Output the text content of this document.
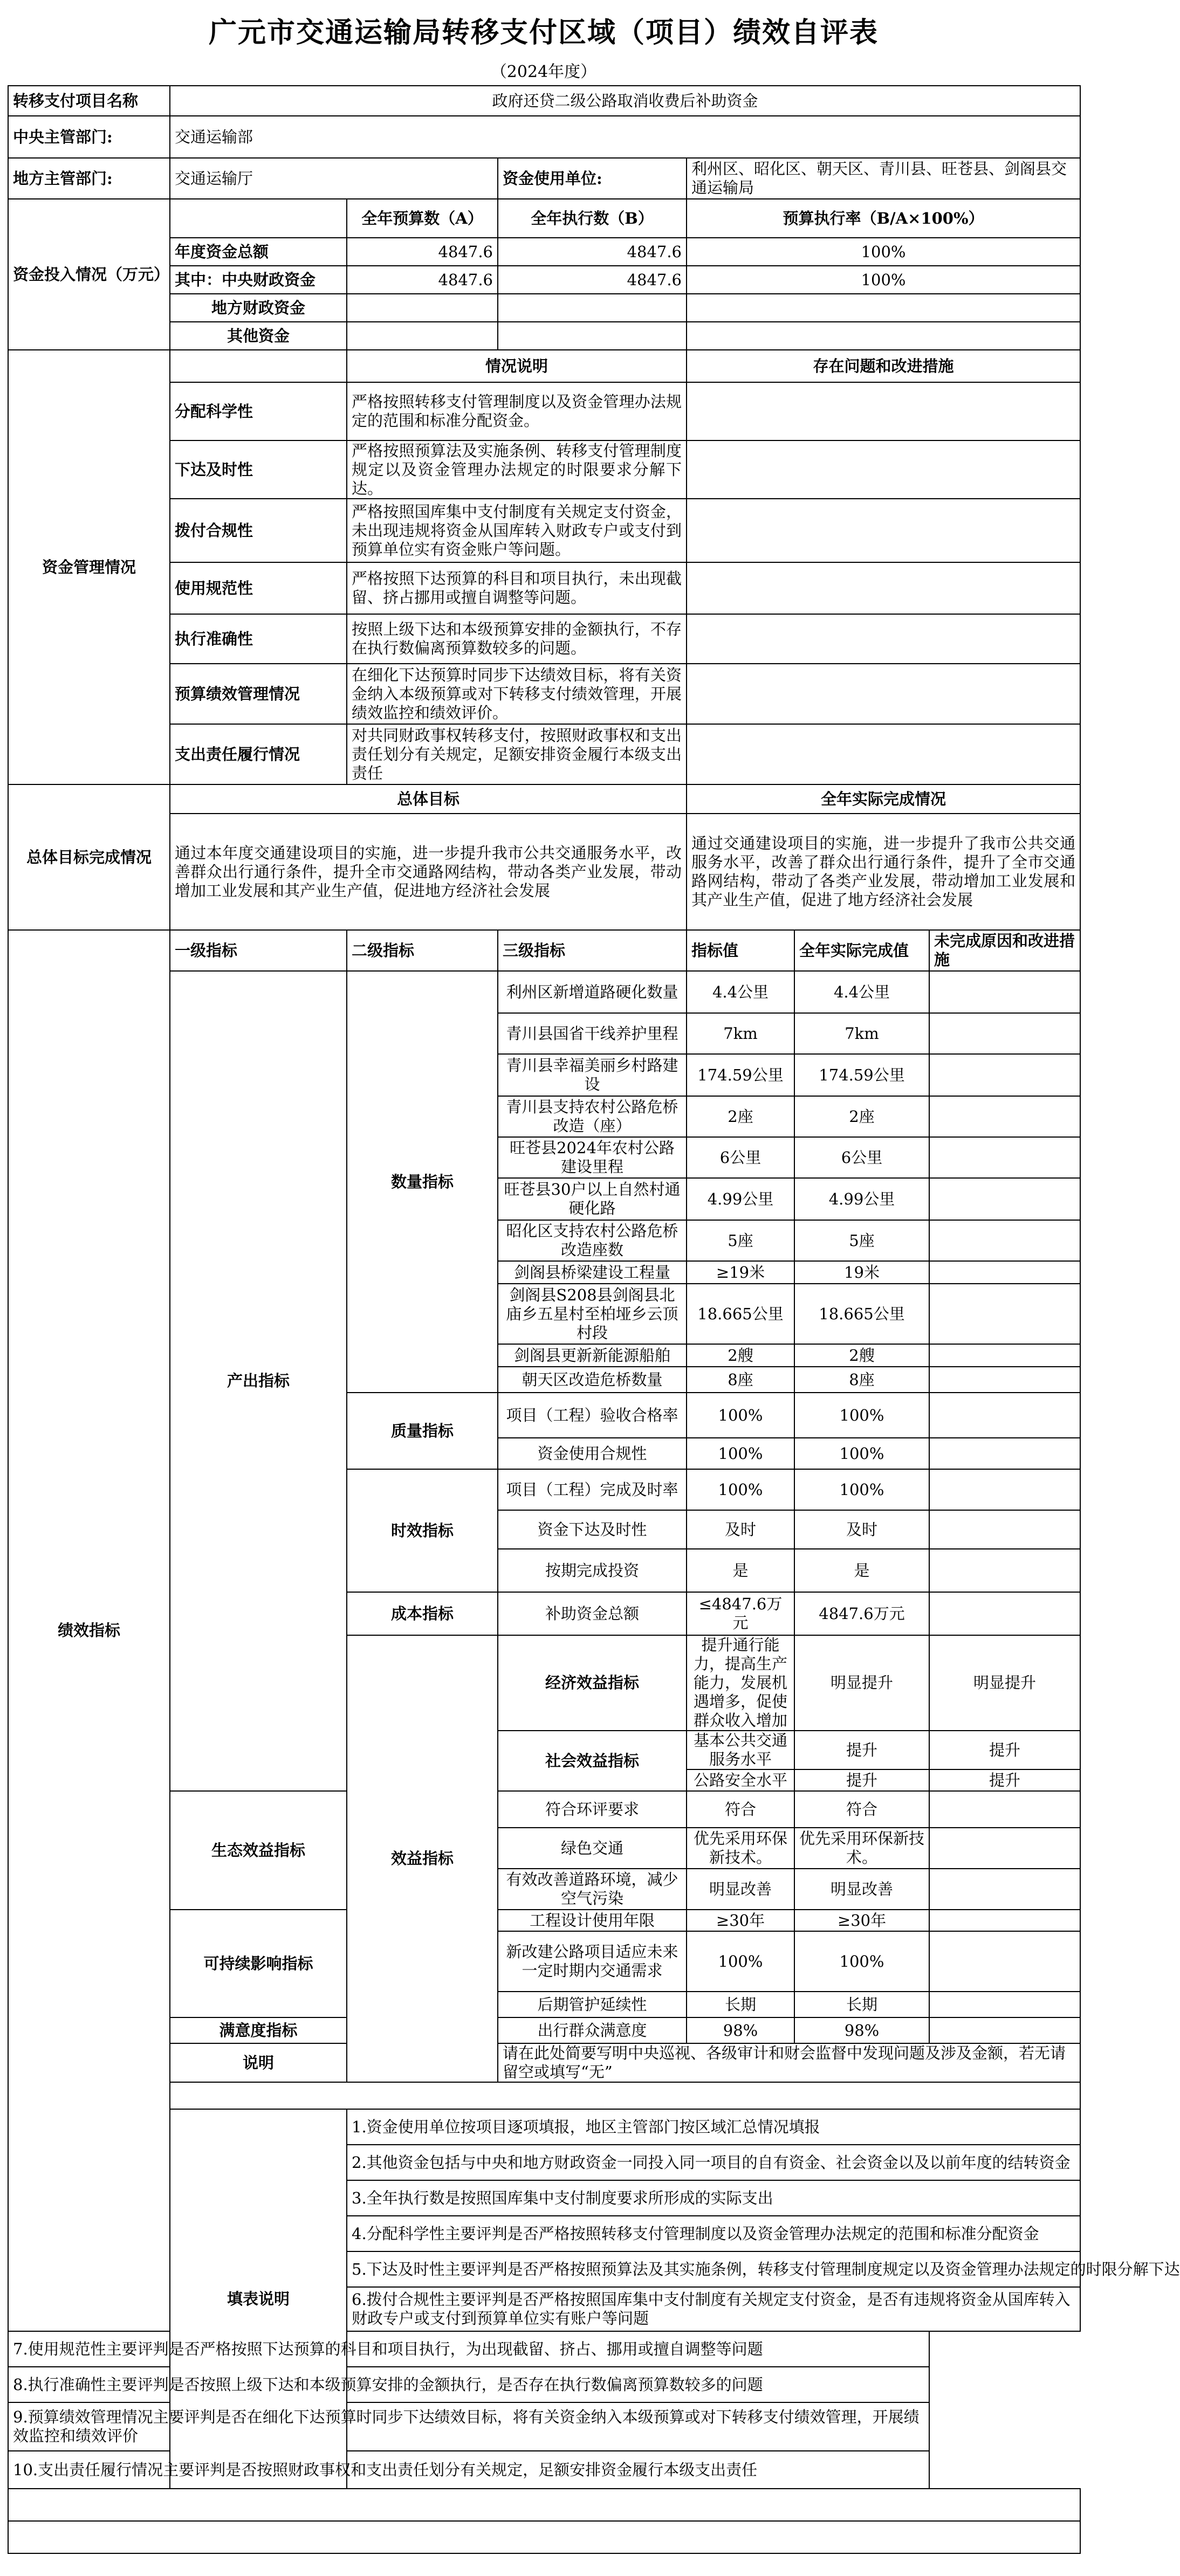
广元市交通运输局转移支付区域（项目）绩效自评表
（2024年度）
转移支付项目名称	政府还贷二级公路取消收费后补助资金						
中央主管部门:	交通运输部						
地方主管部门:	交通运输厅		资金使用单位:	利州区、昭化区、朝天区、青川县、旺苍县、剑阁县交通运输局			
资金投入情况（万元）		全年预算数（A）	全年执行数（B）	预算执行率（B/A×100%）			
	年度资金总额	4847.6	4847.6	100%			
	其中：中央财政资金	4847.6	4847.6	100%			
	地方财政资金						
	其他资金						
资金管理情况		情况说明		存在问题和改进措施			
	分配科学性	严格按照转移支付管理制度以及资金管理办法规定的范围和标准分配资金。					
	下达及时性	严格按照预算法及实施条例、转移支付管理制度规定以及资金管理办法规定的时限要求分解下达。					
	拨付合规性	严格按照国库集中支付制度有关规定支付资金，未出现违规将资金从国库转入财政专户或支付到预算单位实有资金账户等问题。					
	使用规范性	严格按照下达预算的科目和项目执行，未出现截留、挤占挪用或擅自调整等问题。					
	执行准确性	按照上级下达和本级预算安排的金额执行，不存在执行数偏离预算数较多的问题。					
	预算绩效管理情况	在细化下达预算时同步下达绩效目标，将有关资金纳入本级预算或对下转移支付绩效管理，开展绩效监控和绩效评价。					
	支出责任履行情况	对共同财政事权转移支付，按照财政事权和支出责任划分有关规定，足额安排资金履行本级支出责任					
总体目标完成情况	总体目标			全年实际完成情况			
	通过本年度交通建设项目的实施，进一步提升我市公共交通服务水平，改善群众出行通行条件，提升全市交通路网结构，带动各类产业发展，带动增加工业发展和其产业生产值，促进地方经济社会发展			通过交通建设项目的实施，进一步提升了我市公共交通服务水平，改善了群众出行通行条件，提升了全市交通路网结构，带动了各类产业发展，带动增加工业发展和其产业生产值，促进了地方经济社会发展			
绩效指标	一级指标	二级指标	三级指标	指标值	全年实际完成值	未完成原因和改进措施	
	产出指标	数量指标	利州区新增道路硬化数量	4.4公里	4.4公里		
			青川县国省干线养护里程	7km	7km		
			青川县幸福美丽乡村路建设	174.59公里	174.59公里		
			青川县支持农村公路危桥改造（座）	2座	2座		
			旺苍县2024年农村公路建设里程	6公里	6公里		
			旺苍县30户以上自然村通硬化路	4.99公里	4.99公里		
			昭化区支持农村公路危桥改造座数	5座	5座		
			剑阁县桥梁建设工程量	≥19米	19米		
			剑阁县S208县剑阁县北庙乡五星村至柏垭乡云顶村段	18.665公里	18.665公里		
			剑阁县更新新能源船舶	2艘	2艘		
			朝天区改造危桥数量	8座	8座		
		质量指标	项目（工程）验收合格率	100%	100%		
			资金使用合规性	100%	100%		
		时效指标	项目（工程）完成及时率	100%	100%		
			资金下达及时性	及时	及时		
			按期完成投资	是	是		
		成本指标	补助资金总额	≤4847.6万元	4847.6万元		
		效益指标	经济效益指标	提升通行能力，提高生产能力，发展机遇增多，促使群众收入增加	明显提升	明显提升	
			社会效益指标	基本公共交通服务水平	提升	提升	
				公路安全水平	提升	提升	
	生态效益指标		符合环评要求	符合	符合		
			绿色交通	优先采用环保新技术。	优先采用环保新技术。		
			有效改善道路环境，减少空气污染	明显改善	明显改善		
	可持续影响指标		工程设计使用年限	≥30年	≥30年		
			新改建公路项目适应未来一定时期内交通需求	100%	100%		
			后期管护延续性	长期	长期		
	满意度指标		出行群众满意度	98%	98%		
	说明		请在此处简要写明中央巡视、各级审计和财会监督中发现问题及涉及金额，若无请留空或填写“无”				

	填表说明	1.资金使用单位按项目逐项填报，地区主管部门按区域汇总情况填报					
		2.其他资金包括与中央和地方财政资金一同投入同一项目的自有资金、社会资金以及以前年度的结转资金					
		3.全年执行数是按照国库集中支付制度要求所形成的实际支出					
		4.分配科学性主要评判是否严格按照转移支付管理制度以及资金管理办法规定的范围和标准分配资金					
		5.下达及时性主要评判是否严格按照预算法及其实施条例，转移支付管理制度规定以及资金管理办法规定的时限分解下达					
		6.拨付合规性主要评判是否严格按照国库集中支付制度有关规定支付资金，是否有违规将资金从国库转入财政专户或支付到预算单位实有账户等问题					
7.使用规范性主要评判是否严格按照下达预算的科目和项目执行，为出现截留、挤占、挪用或擅自调整等问题							
8.执行准确性主要评判是否按照上级下达和本级预算安排的金额执行，是否存在执行数偏离预算数较多的问题							
9.预算绩效管理情况主要评判是否在细化下达预算时同步下达绩效目标，将有关资金纳入本级预算或对下转移支付绩效管理，开展绩效监控和绩效评价							
10.支出责任履行情况主要评判是否按照财政事权和支出责任划分有关规定，足额安排资金履行本级支出责任							
